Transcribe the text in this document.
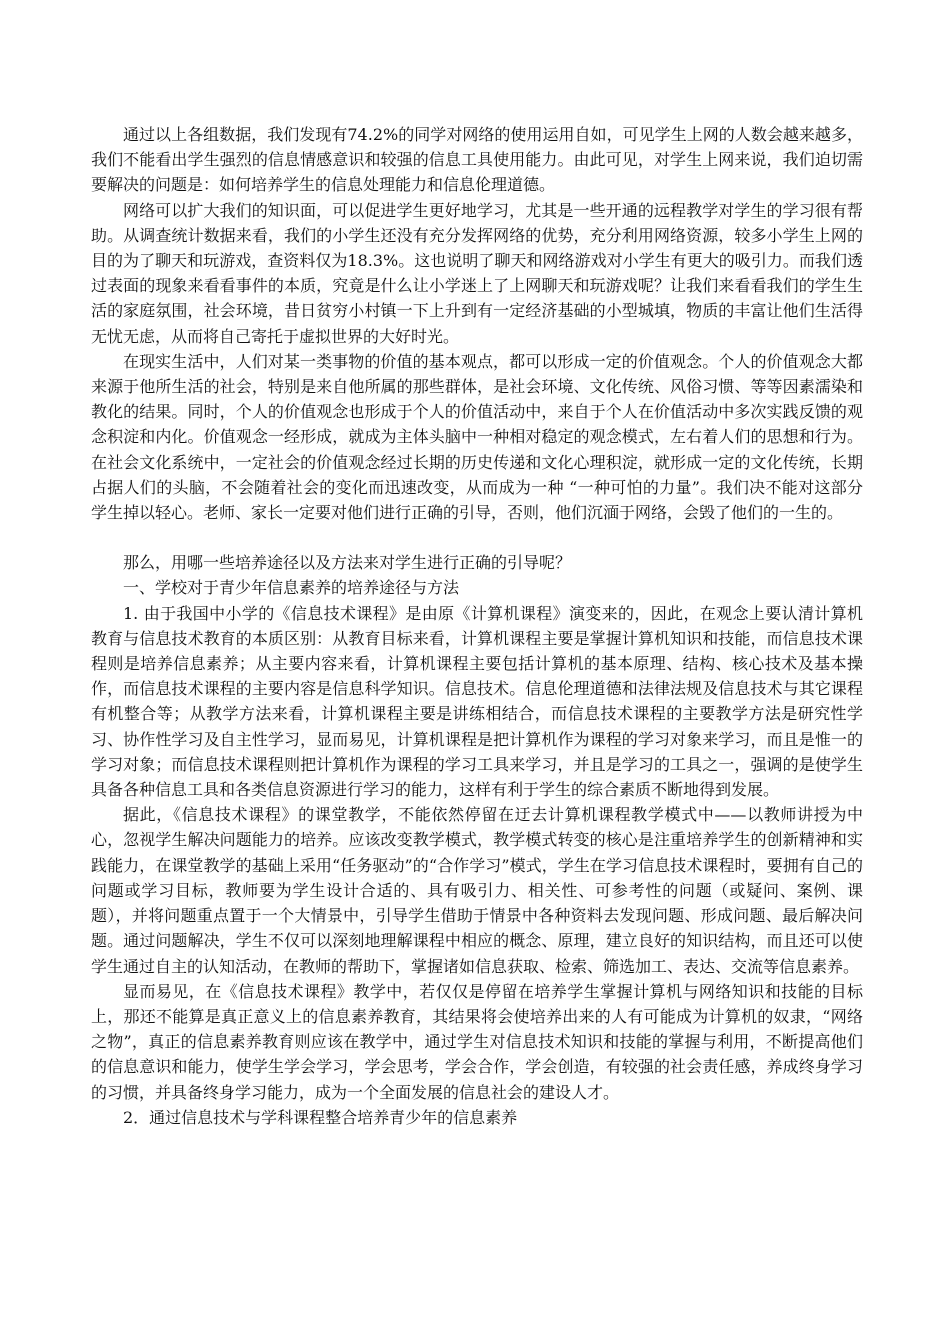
通过以上各组数据，我们发现有74.2%的同学对网络的使用运用自如，可见学生上网的人数会越来越多，我们不能看出学生强烈的信息情感意识和较强的信息工具使用能力。由此可见，对学生上网来说，我们迫切需要解决的问题是：如何培养学生的信息处理能力和信息伦理道德。

网络可以扩大我们的知识面，可以促进学生更好地学习，尤其是一些开通的远程教学对学生的学习很有帮助。从调查统计数据来看，我们的小学生还没有充分发挥网络的优势，充分利用网络资源，较多小学生上网的目的为了聊天和玩游戏，查资料仅为18.3%。这也说明了聊天和网络游戏对小学生有更大的吸引力。而我们透过表面的现象来看看事件的本质，究竟是什么让小学迷上了上网聊天和玩游戏呢？让我们来看看我们的学生生活的家庭氛围，社会环境，昔日贫穷小村镇一下上升到有一定经济基础的小型城填，物质的丰富让他们生活得无忧无虑，从而将自己寄托于虚拟世界的大好时光。

在现实生活中，人们对某一类事物的价值的基本观点，都可以形成一定的价值观念。个人的价值观念大都来源于他所生活的社会，特别是来自他所属的那些群体，是社会环境、文化传统、风俗习惯、等等因素濡染和教化的结果。同时，个人的价值观念也形成于个人的价值活动中，来自于个人在价值活动中多次实践反馈的观念积淀和内化。价值观念一经形成，就成为主体头脑中一种相对稳定的观念模式，左右着人们的思想和行为。在社会文化系统中，一定社会的价值观念经过长期的历史传递和文化心理积淀，就形成一定的文化传统，长期占据人们的头脑，不会随着社会的变化而迅速改变，从而成为一种 “一种可怕的力量”。我们决不能对这部分学生掉以轻心。老师、家长一定要对他们进行正确的引导，否则，他们沉湎于网络，会毁了他们的一生的。

那么，用哪一些培养途径以及方法来对学生进行正确的引导呢？

一、学校对于青少年信息素养的培养途径与方法

1. 由于我国中小学的《信息技术课程》是由原《计算机课程》演变来的，因此，在观念上要认清计算机教育与信息技术教育的本质区别：从教育目标来看，计算机课程主要是掌握计算机知识和技能，而信息技术课程则是培养信息素养；从主要内容来看，计算机课程主要包括计算机的基本原理、结构、核心技术及基本操作，而信息技术课程的主要内容是信息科学知识。信息技术。信息伦理道德和法律法规及信息技术与其它课程有机整合等；从教学方法来看，计算机课程主要是讲练相结合，而信息技术课程的主要教学方法是研究性学习、协作性学习及自主性学习，显而易见，计算机课程是把计算机作为课程的学习对象来学习，而且是惟一的学习对象；而信息技术课程则把计算机作为课程的学习工具来学习，并且是学习的工具之一，强调的是使学生具备各种信息工具和各类信息资源进行学习的能力，这样有利于学生的综合素质不断地得到发展。

据此，《信息技术课程》的课堂教学，不能依然停留在迂去计算机课程教学模式中——以教师讲授为中心，忽视学生解决问题能力的培养。应该改变教学模式，教学模式转变的核心是注重培养学生的创新精神和实践能力，在课堂教学的基础上采用“任务驱动”的“合作学习”模式，学生在学习信息技术课程时，要拥有自己的问题或学习目标，教师要为学生设计合适的、具有吸引力、相关性、可参考性的问题（或疑问、案例、课题），并将问题重点置于一个大情景中，引导学生借助于情景中各种资料去发现问题、形成问题、最后解决问题。通过问题解决，学生不仅可以深刻地理解课程中相应的概念、原理，建立良好的知识结构，而且还可以使学生通过自主的认知活动，在教师的帮助下，掌握诸如信息获取、检索、筛选加工、表达、交流等信息素养。

显而易见，在《信息技术课程》教学中，若仅仅是停留在培养学生掌握计算机与网络知识和技能的目标上，那还不能算是真正意义上的信息素养教育，其结果将会使培养出来的人有可能成为计算机的奴隶，“网络之物”，真正的信息素养教育则应该在教学中，通过学生对信息技术知识和技能的掌握与利用，不断提高他们的信息意识和能力，使学生学会学习，学会思考，学会合作，学会创造，有较强的社会责任感，养成终身学习的习惯，并具备终身学习能力，成为一个全面发展的信息社会的建设人才。

2．通过信息技术与学科课程整合培养青少年的信息素养
